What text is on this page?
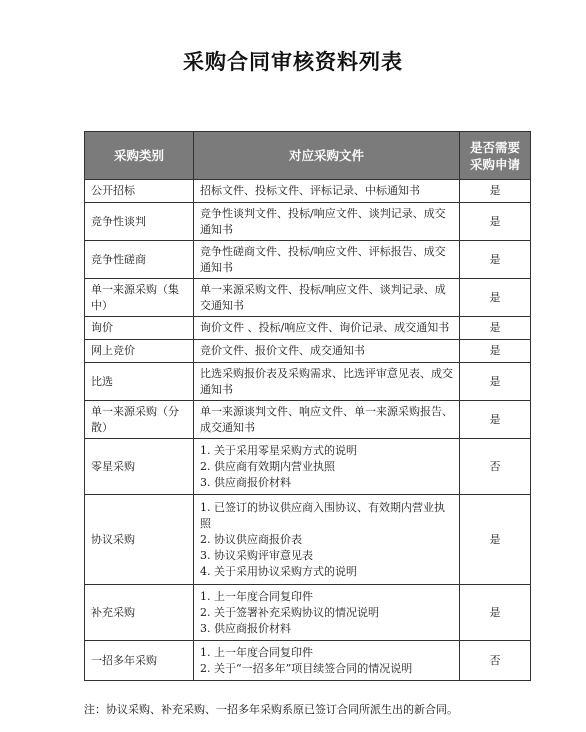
采购合同审核资料列表
采购类别	对应采购文件	是否需要采购申请
公开招标	招标文件、投标文件、评标记录、中标通知书	是
竞争性谈判	竞争性谈判文件、投标/响应文件、谈判记录、成交通知书	是
竞争性磋商	竞争性磋商文件、投标/响应文件、评标报告、成交通知书	是
单一来源采购（集中）	单一来源采购文件、投标/响应文件、谈判记录、成交通知书	是
询价	询价文件 、投标/响应文件、询价记录、成交通知书	是
网上竞价	竞价文件、报价文件、成交通知书	是
比选	比选采购报价表及采购需求、比选评审意见表、成交通知书	是
单一来源采购（分散）	单一来源谈判文件、响应文件、单一来源采购报告、成交通知书	是
零星采购	1. 关于采用零星采购方式的说明
2. 供应商有效期内营业执照
3. 供应商报价材料	否
协议采购	1. 已签订的协议供应商入围协议、有效期内营业执照
2. 协议供应商报价表
3. 协议采购评审意见表
4. 关于采用协议采购方式的说明	是
补充采购	1. 上一年度合同复印件
2. 关于签署补充采购协议的情况说明
3. 供应商报价材料	是
一招多年采购	1. 上一年度合同复印件
2. 关于“一招多年”项目续签合同的情况说明	否
注：协议采购、补充采购、一招多年采购系原已签订合同所派生出的新合同。
